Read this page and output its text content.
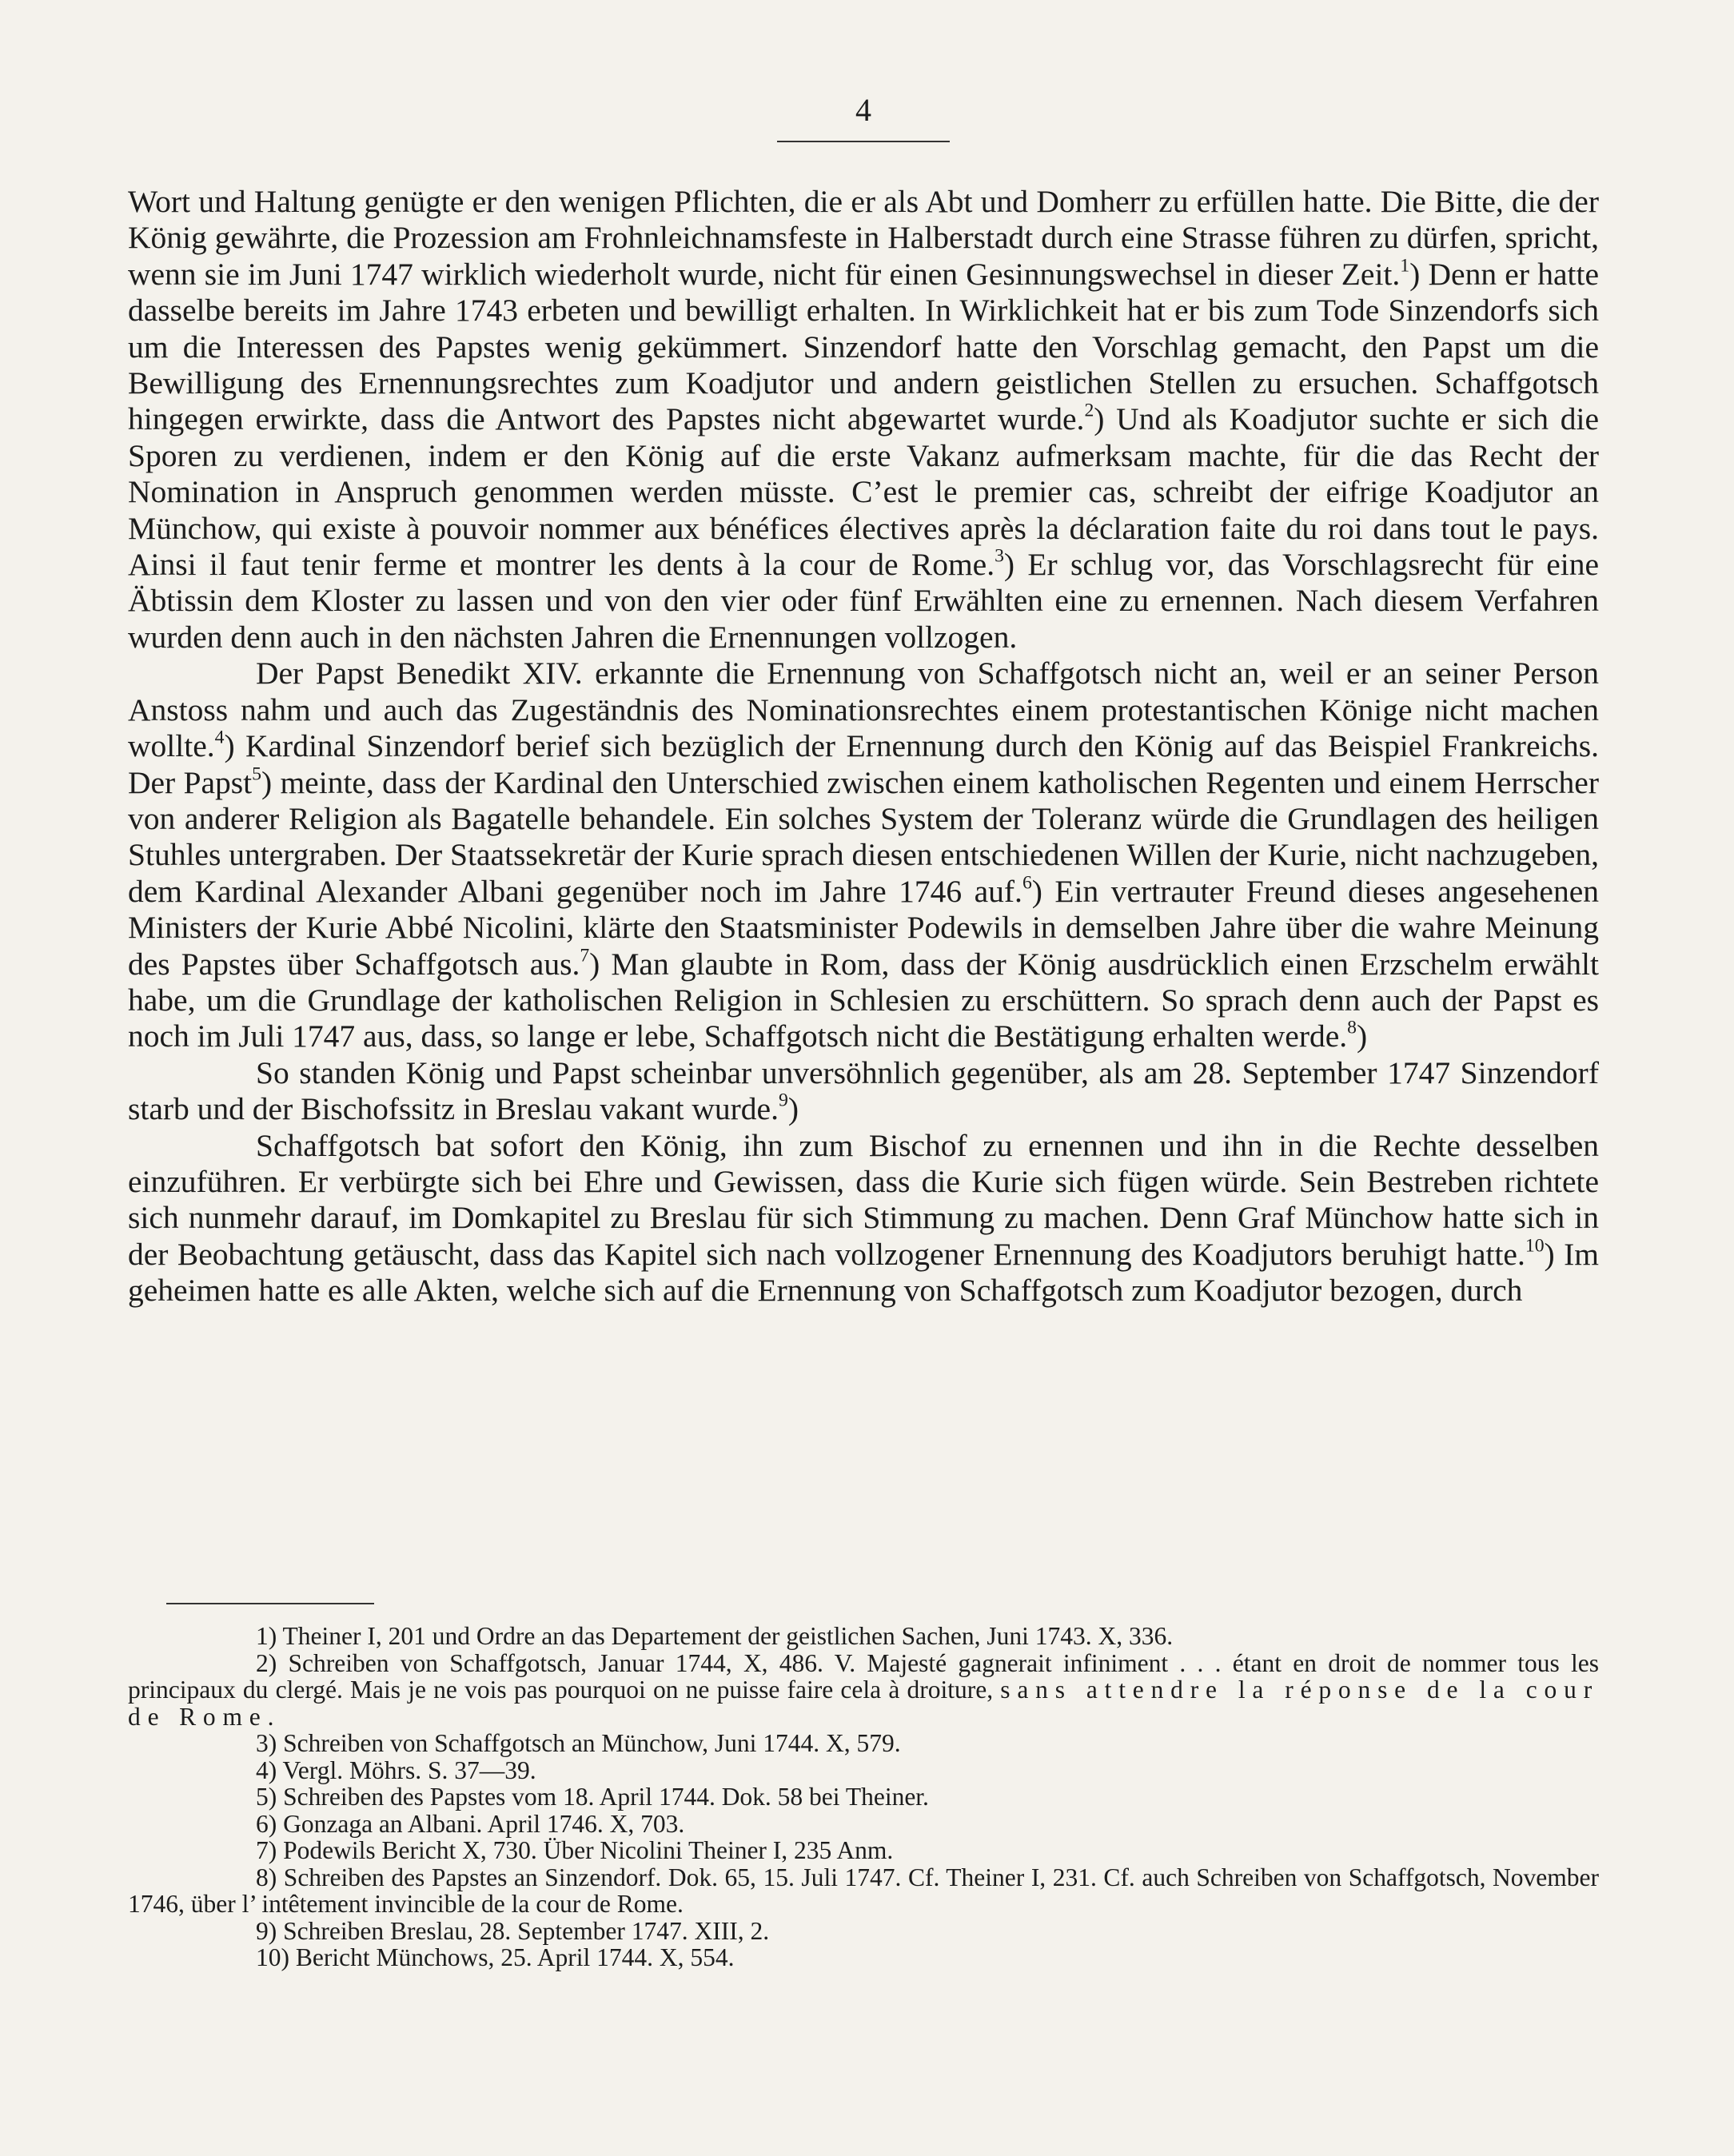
4

Wort und Haltung genügte er den wenigen Pflichten, die er als Abt und Domherr zu erfüllen hatte. Die Bitte, die der König gewährte, die Prozession am Frohnleichnamsfeste in Halberstadt durch eine Strasse führen zu dürfen, spricht, wenn sie im Juni 1747 wirklich wiederholt wurde, nicht für einen Gesinnungswechsel in dieser Zeit.$^1$) Denn er hatte dasselbe bereits im Jahre 1743 erbeten und bewilligt erhalten. In Wirklichkeit hat er bis zum Tode Sinzendorfs sich um die Interessen des Papstes wenig gekümmert. Sinzendorf hatte den Vorschlag gemacht, den Papst um die Bewilligung des Ernennungsrechtes zum Koadjutor und andern geistlichen Stellen zu ersuchen. Schaffgotsch hingegen erwirkte, dass die Antwort des Papstes nicht abgewartet wurde.$^2$) Und als Koadjutor suchte er sich die Sporen zu verdienen, indem er den König auf die erste Vakanz aufmerksam machte, für die das Recht der Nomination in Anspruch genommen werden müsste. C’est le premier cas, schreibt der eifrige Koadjutor an Münchow, qui existe à pouvoir nommer aux bénéfices électives après la déclaration faite du roi dans tout le pays. Ainsi il faut tenir ferme et montrer les dents à la cour de Rome.$^3$) Er schlug vor, das Vorschlagsrecht für eine Äbtissin dem Kloster zu lassen und von den vier oder fünf Erwählten eine zu ernennen. Nach diesem Verfahren wurden denn auch in den nächsten Jahren die Ernennungen vollzogen.

Der Papst Benedikt XIV. erkannte die Ernennung von Schaffgotsch nicht an, weil er an seiner Person Anstoss nahm und auch das Zugeständnis des Nominationsrechtes einem protestantischen Könige nicht machen wollte.$^4$) Kardinal Sinzendorf berief sich bezüglich der Ernennung durch den König auf das Beispiel Frankreichs. Der Papst$^5$) meinte, dass der Kardinal den Unterschied zwischen einem katholischen Regenten und einem Herrscher von anderer Religion als Bagatelle behandele. Ein solches System der Toleranz würde die Grundlagen des heiligen Stuhles untergraben. Der Staatssekretär der Kurie sprach diesen entschiedenen Willen der Kurie, nicht nachzugeben, dem Kardinal Alexander Albani gegenüber noch im Jahre 1746 auf.$^6$) Ein vertrauter Freund dieses angesehenen Ministers der Kurie Abbé Nicolini, klärte den Staatsminister Podewils in demselben Jahre über die wahre Meinung des Papstes über Schaffgotsch aus.$^7$) Man glaubte in Rom, dass der König ausdrücklich einen Erzschelm erwählt habe, um die Grundlage der katholischen Religion in Schlesien zu erschüttern. So sprach denn auch der Papst es noch im Juli 1747 aus, dass, so lange er lebe, Schaffgotsch nicht die Bestätigung erhalten werde.$^8$)

So standen König und Papst scheinbar unversöhnlich gegenüber, als am 28. September 1747 Sinzendorf starb und der Bischofssitz in Breslau vakant wurde.$^9$)

Schaffgotsch bat sofort den König, ihn zum Bischof zu ernennen und ihn in die Rechte desselben einzuführen. Er verbürgte sich bei Ehre und Gewissen, dass die Kurie sich fügen würde. Sein Bestreben richtete sich nunmehr darauf, im Domkapitel zu Breslau für sich Stimmung zu machen. Denn Graf Münchow hatte sich in der Beobachtung getäuscht, dass das Kapitel sich nach vollzogener Ernennung des Koadjutors beruhigt hatte.$^{10}$) Im geheimen hatte es alle Akten, welche sich auf die Ernennung von Schaffgotsch zum Koadjutor bezogen, durch

1) Theiner I, 201 und Ordre an das Departement der geistlichen Sachen, Juni 1743. X, 336.

2) Schreiben von Schaffgotsch, Januar 1744, X, 486. V. Majesté gagnerait infiniment . . . étant en droit de nommer tous les principaux du clergé. Mais je ne vois pas pourquoi on ne puisse faire cela à droiture, sans attendre la réponse de la cour de Rome.

3) Schreiben von Schaffgotsch an Münchow, Juni 1744. X, 579.

4) Vergl. Möhrs. S. 37—39.

5) Schreiben des Papstes vom 18. April 1744. Dok. 58 bei Theiner.

6) Gonzaga an Albani. April 1746. X, 703.

7) Podewils Bericht X, 730. Über Nicolini Theiner I, 235 Anm.

8) Schreiben des Papstes an Sinzendorf. Dok. 65, 15. Juli 1747. Cf. Theiner I, 231. Cf. auch Schreiben von Schaffgotsch, November 1746, über l’ intêtement invincible de la cour de Rome.

9) Schreiben Breslau, 28. September 1747. XIII, 2.

10) Bericht Münchows, 25. April 1744. X, 554.
